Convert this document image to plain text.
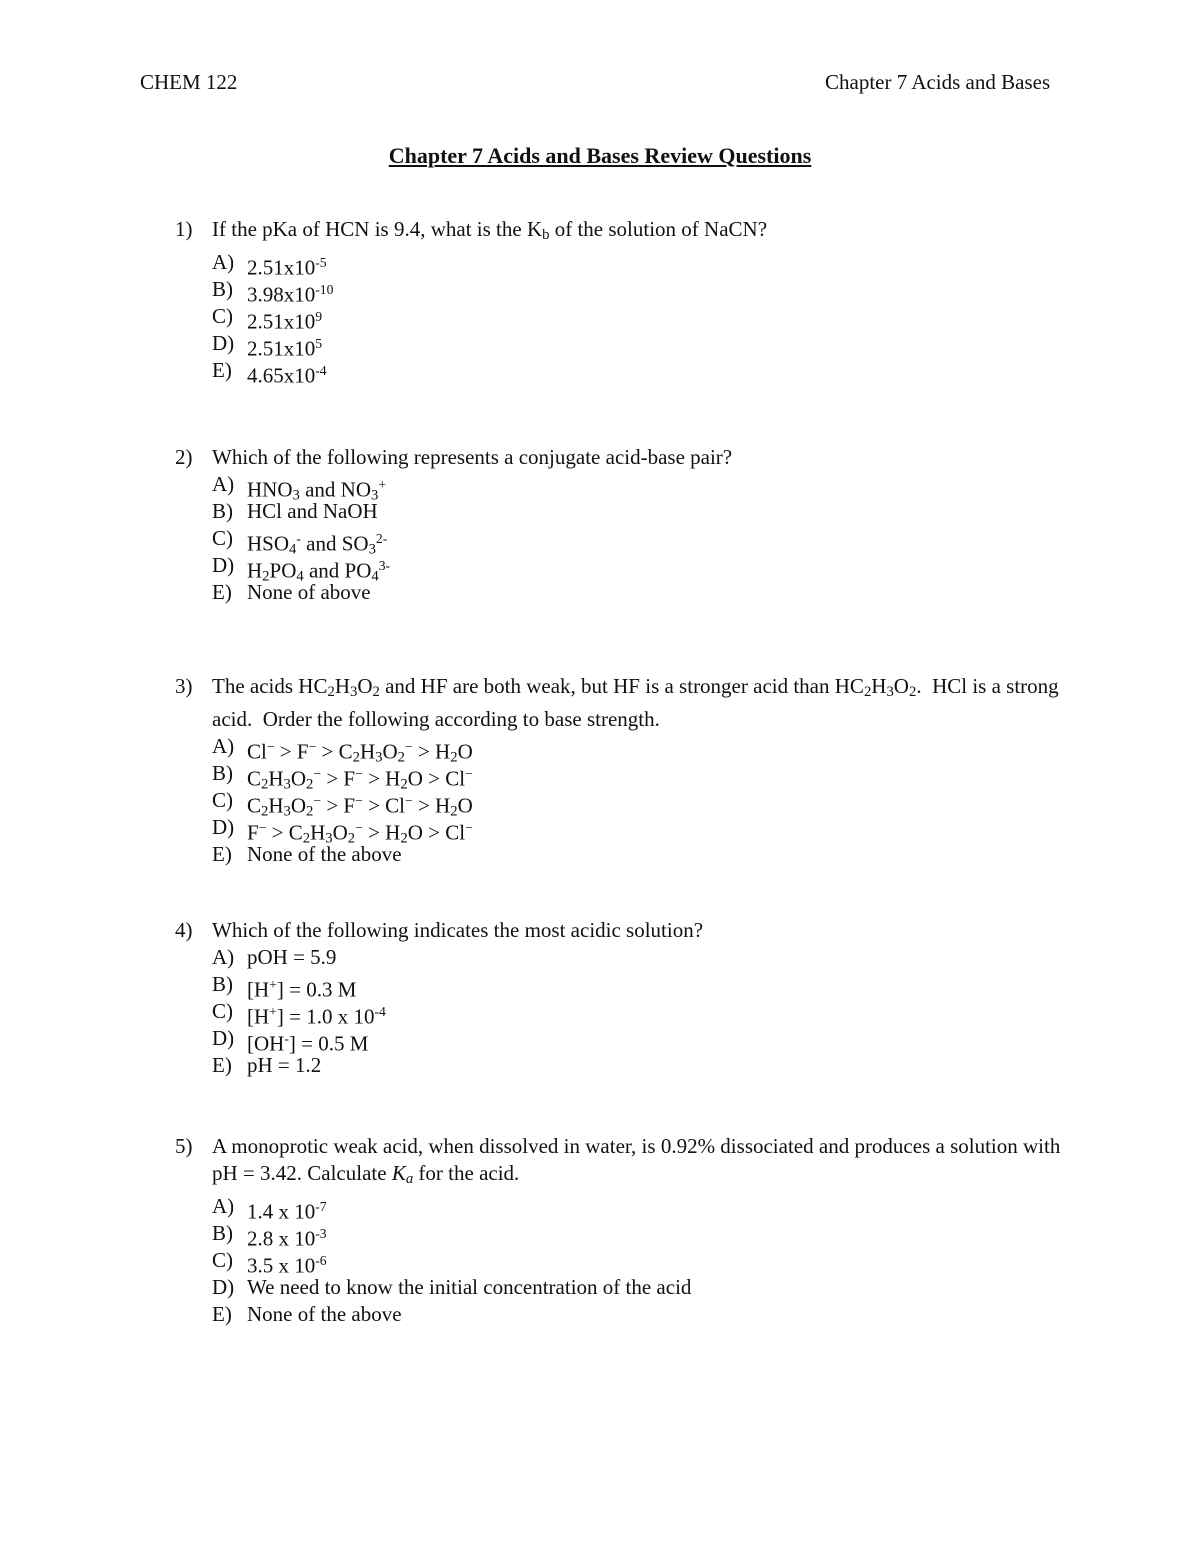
CHEM 122	Chapter 7 Acids and Bases
Chapter 7 Acids and Bases Review Questions
1) If the pKa of HCN is 9.4, what is the $K_b$ of the solution of NaCN?
A) $2.51x10^{-5}$
B) $3.98x10^{-10}$
C) $2.51x10^9$
D) $2.51x10^5$
E) $4.65x10^{-4}$
2) Which of the following represents a conjugate acid-base pair?
A) $HNO_3$ and $NO_3^+$
B) HCl and NaOH
C) $HSO_4^-$ and $SO_3^{2-}$
D) $H_2PO_4$ and $PO_4^{3-}$
E) None of above
3) The acids $HC_2H_3O_2$ and HF are both weak, but HF is a stronger acid than $HC_2H_3O_2$.  HCl is a strong acid.  Order the following according to base strength.
A) $Cl^- > F^- > C_2H_3O_2^- > H_2O$
B) $C_2H_3O_2^- > F^- > H_2O > Cl^-$
C) $C_2H_3O_2^- > F^- > Cl^- > H_2O$
D) $F^- > C_2H_3O_2^- > H_2O > Cl^-$
E) None of the above
4) Which of the following indicates the most acidic solution?
A) pOH = 5.9
B) [H+] = 0.3 M
C) [H+] = 1.0 x $10^{-4}$
D) [OH-] = 0.5 M
E) pH = 1.2
5) A monoprotic weak acid, when dissolved in water, is 0.92% dissociated and produces a solution with pH = 3.42. Calculate $K_a$ for the acid.
A) 1.4 x $10^{-7}$
B) 2.8 x $10^{-3}$
C) 3.5 x $10^{-6}$
D) We need to know the initial concentration of the acid
E) None of the above
